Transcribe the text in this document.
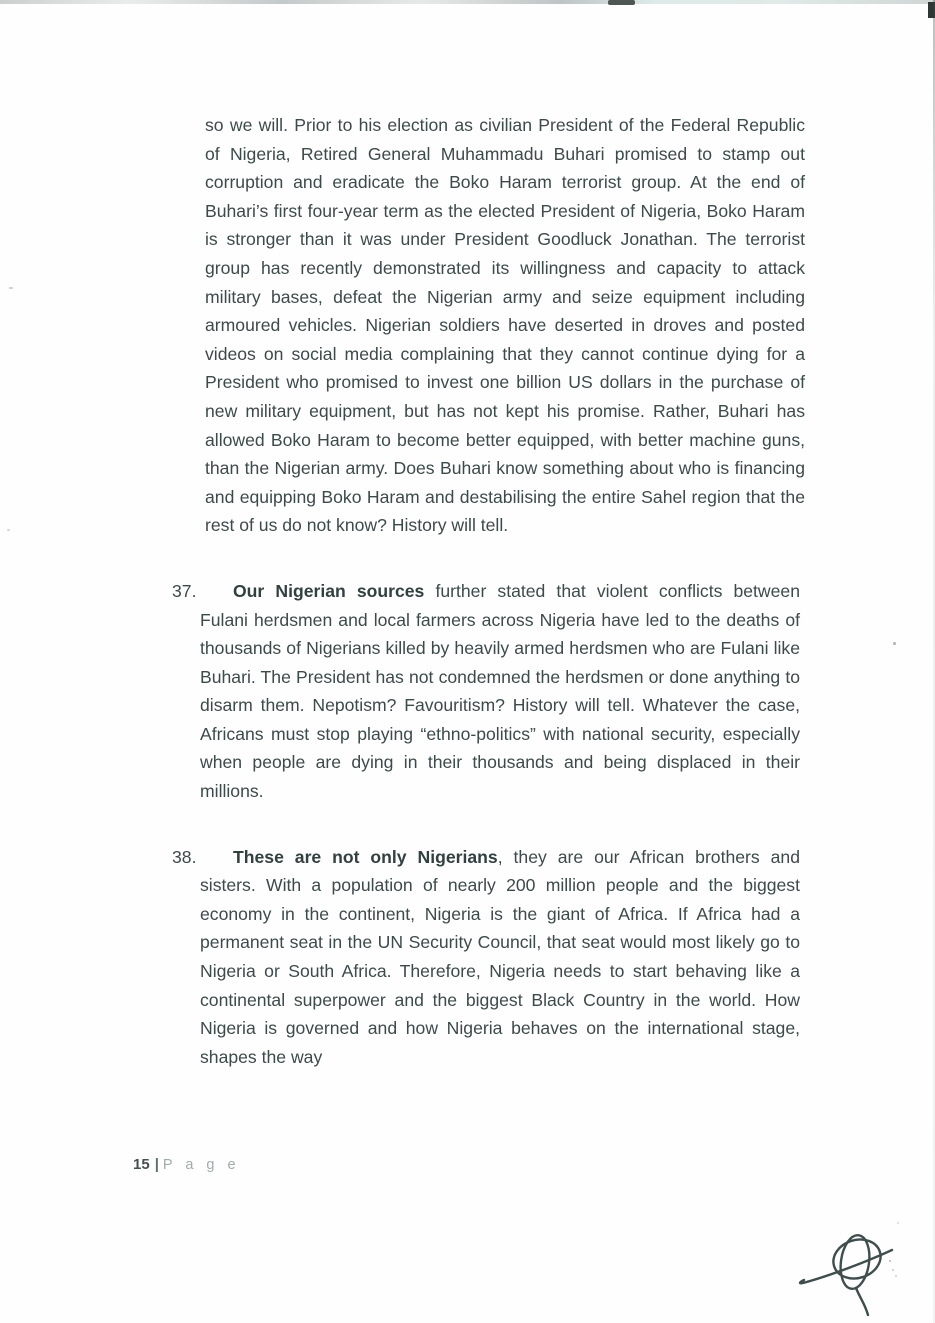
so we will. Prior to his election as civilian President of the Federal Republic of Nigeria, Retired General Muhammadu Buhari promised to stamp out corruption and eradicate the Boko Haram terrorist group. At the end of Buhari’s first four-year term as the elected President of Nigeria, Boko Haram is stronger than it was under President Goodluck Jonathan. The terrorist group has recently demonstrated its willingness and capacity to attack military bases, defeat the Nigerian army and seize equipment including armoured vehicles. Nigerian soldiers have deserted in droves and posted videos on social media complaining that they cannot continue dying for a President who promised to invest one billion US dollars in the purchase of new military equipment, but has not kept his promise. Rather, Buhari has allowed Boko Haram to become better equipped, with better machine guns, than the Nigerian army. Does Buhari know something about who is financing and equipping Boko Haram and destabilising the entire Sahel region that the rest of us do not know? History will tell.

37.	Our Nigerian sources further stated that violent conflicts between Fulani herdsmen and local farmers across Nigeria have led to the deaths of thousands of Nigerians killed by heavily armed herdsmen who are Fulani like Buhari. The President has not condemned the herdsmen or done anything to disarm them. Nepotism? Favouritism? History will tell. Whatever the case, Africans must stop playing “ethno-politics” with national security, especially when people are dying in their thousands and being displaced in their millions.

38.	These are not only Nigerians, they are our African brothers and sisters. With a population of nearly 200 million people and the biggest economy in the continent, Nigeria is the giant of Africa. If Africa had a permanent seat in the UN Security Council, that seat would most likely go to Nigeria or South Africa. Therefore, Nigeria needs to start behaving like a continental superpower and the biggest Black Country in the world. How Nigeria is governed and how Nigeria behaves on the international stage, shapes the way

15 | P a g e
